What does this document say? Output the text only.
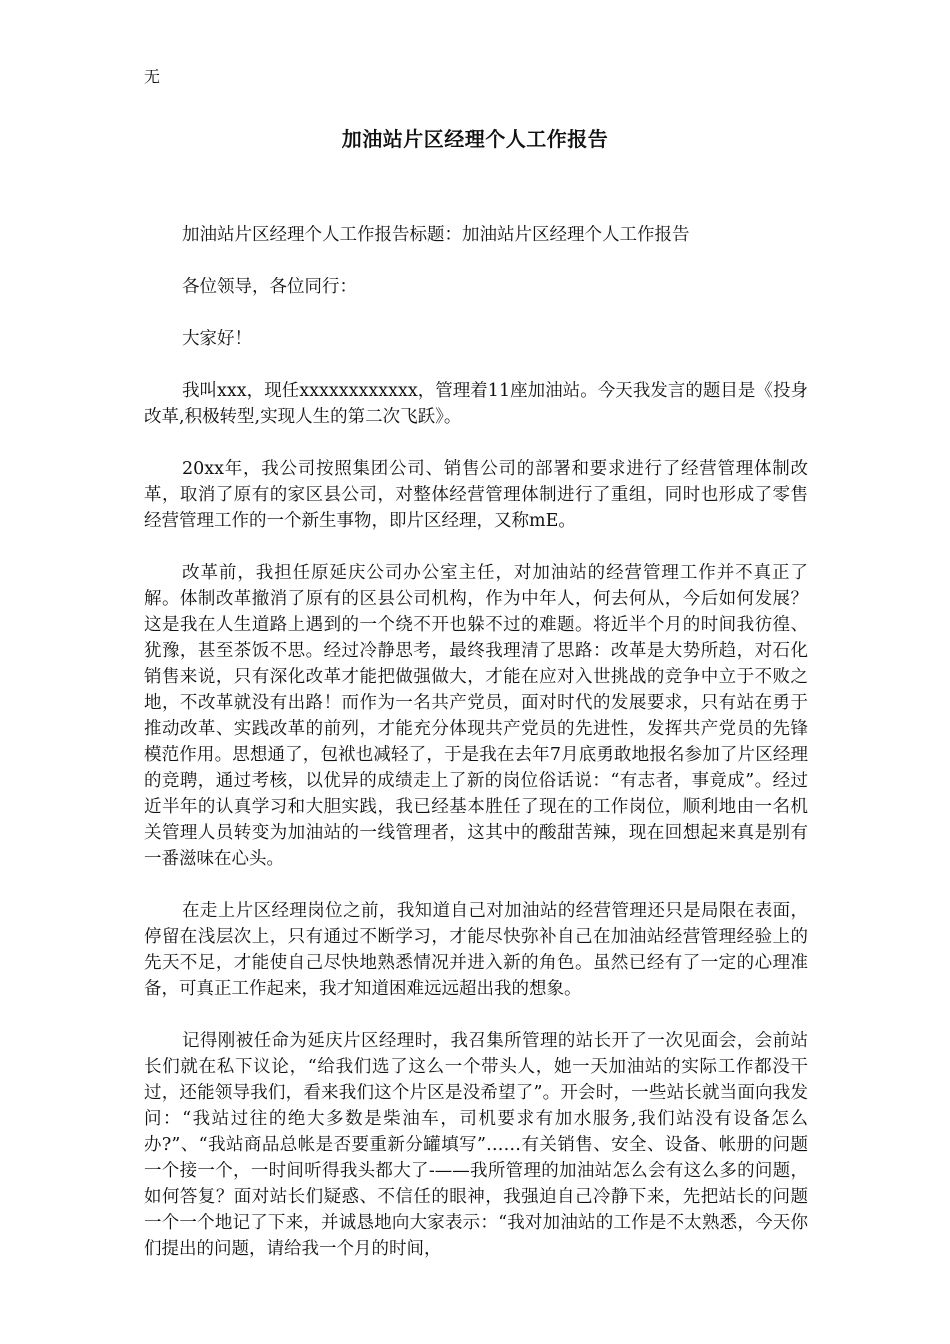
无
加油站片区经理个人工作报告

加油站片区经理个人工作报告标题：加油站片区经理个人工作报告

各位领导，各位同行：

大家好！

我叫xxx，现任xxxxxxxxxxxx，管理着11座加油站。今天我发言的题目是《投身改革,积极转型,实现人生的第二次飞跃》。

20xx年，我公司按照集团公司、销售公司的部署和要求进行了经营管理体制改革，取消了原有的家区县公司，对整体经营管理体制进行了重组，同时也形成了零售经营管理工作的一个新生事物，即片区经理，又称mE。

改革前，我担任原延庆公司办公室主任，对加油站的经营管理工作并不真正了解。体制改革撤消了原有的区县公司机构，作为中年人，何去何从，今后如何发展？这是我在人生道路上遇到的一个绕不开也躲不过的难题。将近半个月的时间我彷徨、犹豫，甚至茶饭不思。经过冷静思考，最终我理清了思路：改革是大势所趋，对石化销售来说，只有深化改革才能把做强做大，才能在应对入世挑战的竞争中立于不败之地，不改革就没有出路！而作为一名共产党员，面对时代的发展要求，只有站在勇于推动改革、实践改革的前列，才能充分体现共产党员的先进性，发挥共产党员的先锋模范作用。思想通了，包袱也减轻了，于是我在去年7月底勇敢地报名参加了片区经理的竞聘，通过考核，以优异的成绩走上了新的岗位俗话说：“有志者，事竟成”。经过近半年的认真学习和大胆实践，我已经基本胜任了现在的工作岗位，顺利地由一名机关管理人员转变为加油站的一线管理者，这其中的酸甜苦辣，现在回想起来真是别有一番滋味在心头。

在走上片区经理岗位之前，我知道自己对加油站的经营管理还只是局限在表面，停留在浅层次上，只有通过不断学习，才能尽快弥补自己在加油站经营管理经验上的先天不足，才能使自己尽快地熟悉情况并进入新的角色。虽然已经有了一定的心理准备，可真正工作起来，我才知道困难远远超出我的想象。

记得刚被任命为延庆片区经理时，我召集所管理的站长开了一次见面会，会前站长们就在私下议论，“给我们选了这么一个带头人，她一天加油站的实际工作都没干过，还能领导我们，看来我们这个片区是没希望了”。开会时，一些站长就当面向我发问：“我站过往的绝大多数是柴油车，司机要求有加水服务,我们站没有设备怎么办?”、“我站商品总帐是否要重新分罐填写”……有关销售、安全、设备、帐册的问题一个接一个，一时间听得我头都大了-——我所管理的加油站怎么会有这么多的问题，如何答复？面对站长们疑惑、不信任的眼神，我强迫自己冷静下来，先把站长的问题一个一个地记了下来，并诚恳地向大家表示：“我对加油站的工作是不太熟悉，今天你们提出的问题，请给我一个月的时间，
